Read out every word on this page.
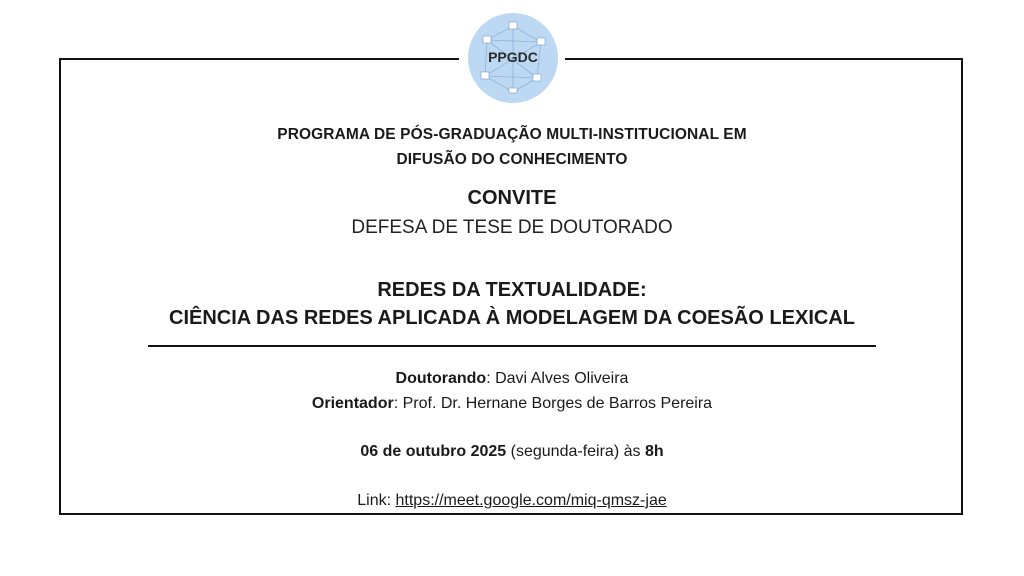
PPGDC
PROGRAMA DE PÓS-GRADUAÇÃO MULTI-INSTITUCIONAL EM
DIFUSÃO DO CONHECIMENTO
CONVITE
DEFESA DE TESE DE DOUTORADO
REDES DA TEXTUALIDADE:
CIÊNCIA DAS REDES APLICADA À MODELAGEM DA COESÃO LEXICAL
Doutorando: Davi Alves Oliveira
Orientador: Prof. Dr. Hernane Borges de Barros Pereira
06 de outubro 2025 (segunda-feira) às 8h
Link: https://meet.google.com/miq-qmsz-jae
